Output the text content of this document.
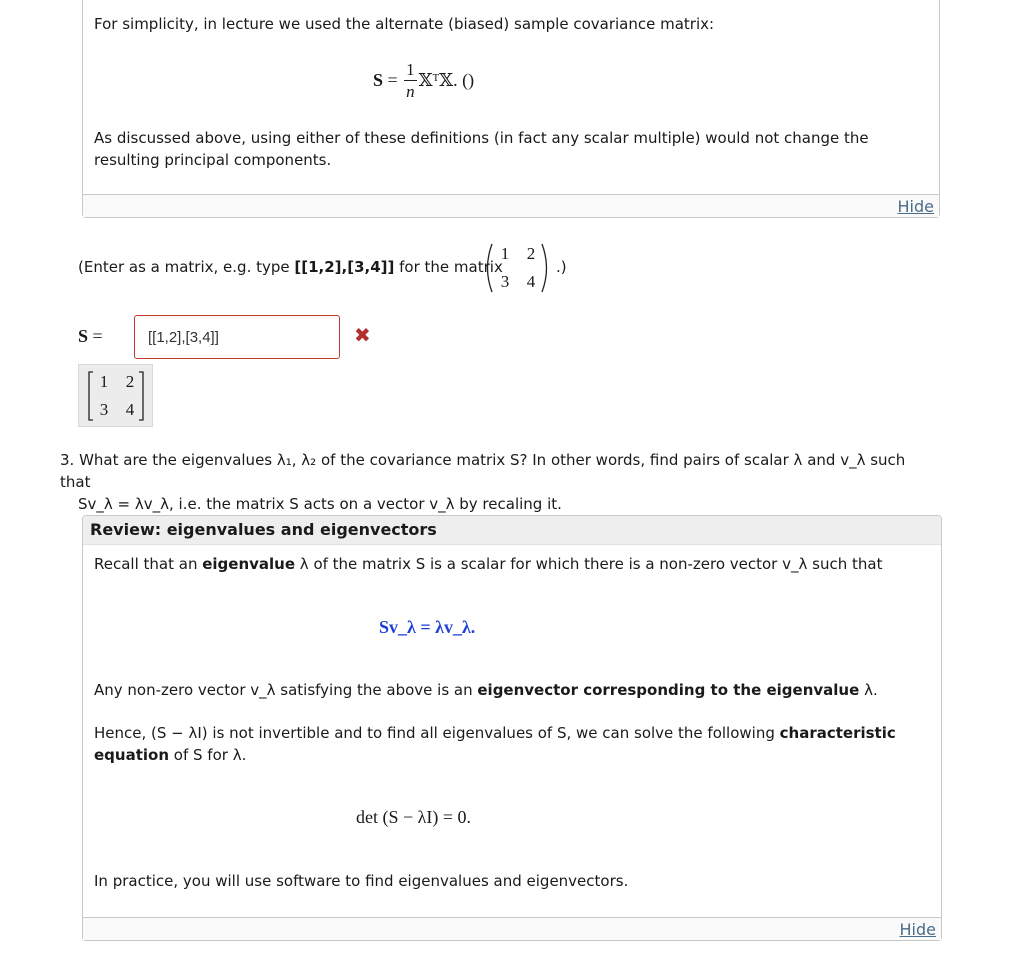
For simplicity, in lecture we used the alternate (biased) sample covariance matrix:
$S = \frac{1}{n}$ 𝕏ᵀ𝕏. ()
As discussed above, using either of these definitions (in fact any scalar multiple) would not change the resulting principal components.
Hide
(Enter as a matrix, e.g. type [[1,2],[3,4]] for the matrix
1	2
3	4
.)
S =
[[1,2],[3,4]]	✖
1	2
3	4
3. What are the eigenvalues λ₁, λ₂ of the covariance matrix S? In other words, find pairs of scalar λ and v_λ such that
Sv_λ = λv_λ, i.e. the matrix S acts on a vector v_λ by recaling it.
Review: eigenvalues and eigenvectors
Recall that an eigenvalue λ of the matrix S is a scalar for which there is a non-zero vector v_λ such that
Sv_λ = λv_λ.
Any non-zero vector v_λ satisfying the above is an eigenvector corresponding to the eigenvalue λ.
Hence, (S − λI) is not invertible and to find all eigenvalues of S, we can solve the following characteristic
equation of S for λ.
det (S − λI) = 0.
In practice, you will use software to find eigenvalues and eigenvectors.
Hide
